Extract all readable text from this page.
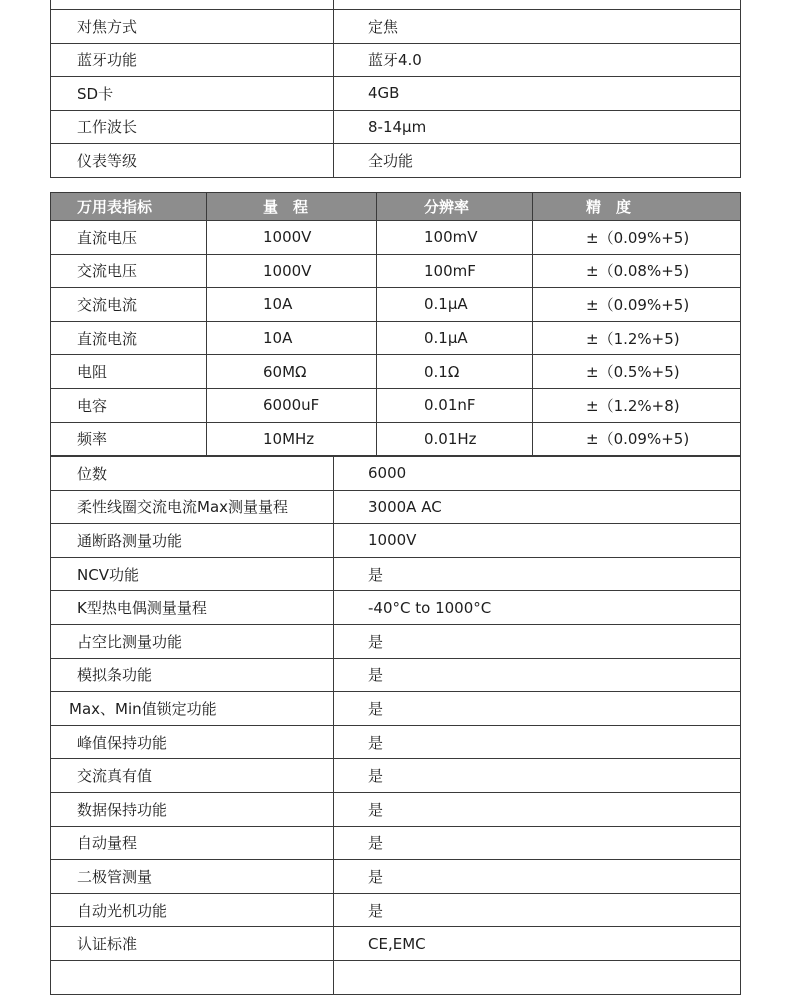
对焦方式	定焦
蓝牙功能	蓝牙4.0
SD卡	4GB
工作波长	8-14μm
仪表等级	全功能
万用表指标	量　程	分辨率	精　度
直流电压	1000V	100mV	±（0.09%+5)
交流电压	1000V	100mF	±（0.08%+5)
交流电流	10A	0.1μA	±（0.09%+5)
直流电流	10A	0.1μA	±（1.2%+5)
电阻	60MΩ	0.1Ω	±（0.5%+5)
电容	6000uF	0.01nF	±（1.2%+8)
频率	10MHz	0.01Hz	±（0.09%+5)
位数	6000
柔性线圈交流电流Max测量量程	3000A AC
通断路测量功能	1000V
NCV功能	是
K型热电偶测量量程	-40°C to 1000°C
占空比测量功能	是
模拟条功能	是
Max、Min值锁定功能	是
峰值保持功能	是
交流真有值	是
数据保持功能	是
自动量程	是
二极管测量	是
自动光机功能	是
认证标准	CE,EMC
